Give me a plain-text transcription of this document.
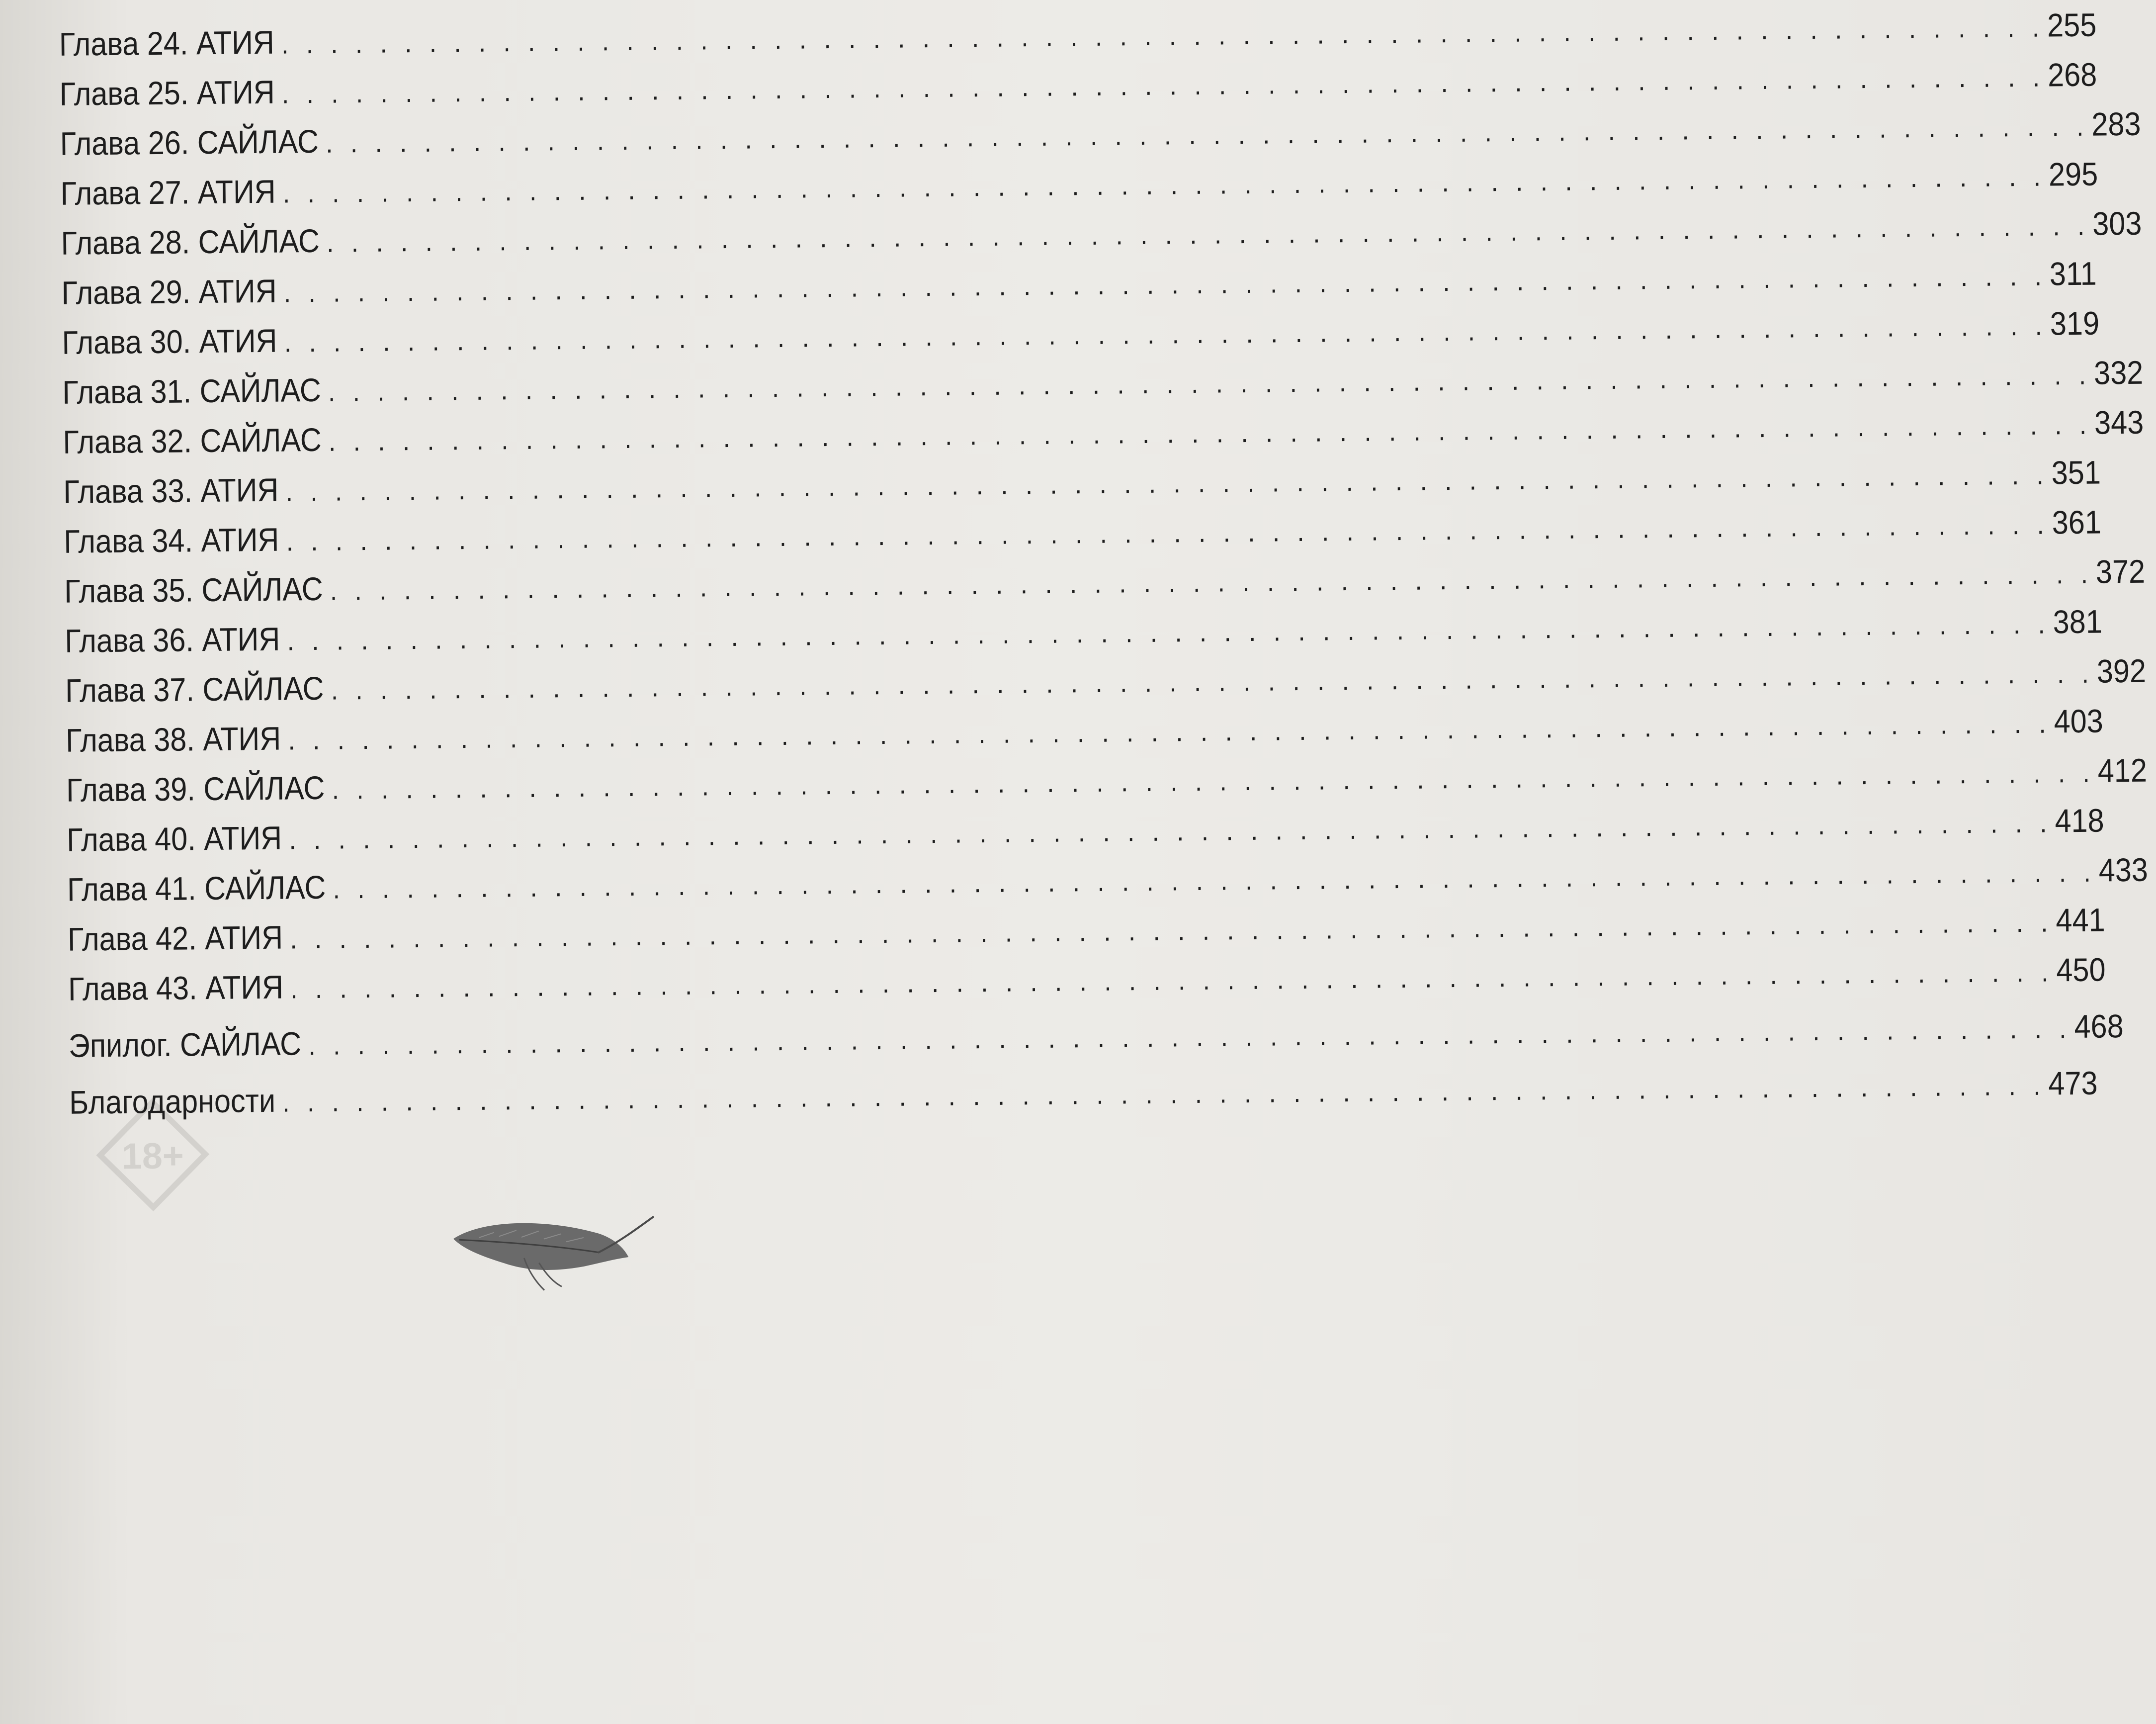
18+
Глава 24. АТИЯ . . . . . . . . . . . . . . . . . . . . . . . . . . . . . . . . . . . . . . . . . . . . . . . . . . . . . . . . . . . . . . . . . . . . . . . . 255
Глава 25. АТИЯ . . . . . . . . . . . . . . . . . . . . . . . . . . . . . . . . . . . . . . . . . . . . . . . . . . . . . . . . . . . . . . . . . . . . . . . . 268
Глава 26. САЙЛАС . . . . . . . . . . . . . . . . . . . . . . . . . . . . . . . . . . . . . . . . . . . . . . . . . . . . . . . . . . . . . . . . . . . . . . . . 283
Глава 27. АТИЯ . . . . . . . . . . . . . . . . . . . . . . . . . . . . . . . . . . . . . . . . . . . . . . . . . . . . . . . . . . . . . . . . . . . . . . . . 295
Глава 28. САЙЛАС . . . . . . . . . . . . . . . . . . . . . . . . . . . . . . . . . . . . . . . . . . . . . . . . . . . . . . . . . . . . . . . . . . . . . . . . 303
Глава 29. АТИЯ . . . . . . . . . . . . . . . . . . . . . . . . . . . . . . . . . . . . . . . . . . . . . . . . . . . . . . . . . . . . . . . . . . . . . . . . 311
Глава 30. АТИЯ . . . . . . . . . . . . . . . . . . . . . . . . . . . . . . . . . . . . . . . . . . . . . . . . . . . . . . . . . . . . . . . . . . . . . . . . 319
Глава 31. САЙЛАС . . . . . . . . . . . . . . . . . . . . . . . . . . . . . . . . . . . . . . . . . . . . . . . . . . . . . . . . . . . . . . . . . . . . . . . . 332
Глава 32. САЙЛАС . . . . . . . . . . . . . . . . . . . . . . . . . . . . . . . . . . . . . . . . . . . . . . . . . . . . . . . . . . . . . . . . . . . . . . . . 343
Глава 33. АТИЯ . . . . . . . . . . . . . . . . . . . . . . . . . . . . . . . . . . . . . . . . . . . . . . . . . . . . . . . . . . . . . . . . . . . . . . . . 351
Глава 34. АТИЯ . . . . . . . . . . . . . . . . . . . . . . . . . . . . . . . . . . . . . . . . . . . . . . . . . . . . . . . . . . . . . . . . . . . . . . . . 361
Глава 35. САЙЛАС . . . . . . . . . . . . . . . . . . . . . . . . . . . . . . . . . . . . . . . . . . . . . . . . . . . . . . . . . . . . . . . . . . . . . . . . 372
Глава 36. АТИЯ . . . . . . . . . . . . . . . . . . . . . . . . . . . . . . . . . . . . . . . . . . . . . . . . . . . . . . . . . . . . . . . . . . . . . . . . 381
Глава 37. САЙЛАС . . . . . . . . . . . . . . . . . . . . . . . . . . . . . . . . . . . . . . . . . . . . . . . . . . . . . . . . . . . . . . . . . . . . . . . . 392
Глава 38. АТИЯ . . . . . . . . . . . . . . . . . . . . . . . . . . . . . . . . . . . . . . . . . . . . . . . . . . . . . . . . . . . . . . . . . . . . . . . . 403
Глава 39. САЙЛАС . . . . . . . . . . . . . . . . . . . . . . . . . . . . . . . . . . . . . . . . . . . . . . . . . . . . . . . . . . . . . . . . . . . . . . . . 412
Глава 40. АТИЯ . . . . . . . . . . . . . . . . . . . . . . . . . . . . . . . . . . . . . . . . . . . . . . . . . . . . . . . . . . . . . . . . . . . . . . . . 418
Глава 41. САЙЛАС . . . . . . . . . . . . . . . . . . . . . . . . . . . . . . . . . . . . . . . . . . . . . . . . . . . . . . . . . . . . . . . . . . . . . . . . 433
Глава 42. АТИЯ . . . . . . . . . . . . . . . . . . . . . . . . . . . . . . . . . . . . . . . . . . . . . . . . . . . . . . . . . . . . . . . . . . . . . . . . 441
Глава 43. АТИЯ . . . . . . . . . . . . . . . . . . . . . . . . . . . . . . . . . . . . . . . . . . . . . . . . . . . . . . . . . . . . . . . . . . . . . . . . 450
Эпилог. САЙЛАС . . . . . . . . . . . . . . . . . . . . . . . . . . . . . . . . . . . . . . . . . . . . . . . . . . . . . . . . . . . . . . . . . . . . . . . . 468
Благодарности . . . . . . . . . . . . . . . . . . . . . . . . . . . . . . . . . . . . . . . . . . . . . . . . . . . . . . . . . . . . . . . . . . . . . . . . 473
